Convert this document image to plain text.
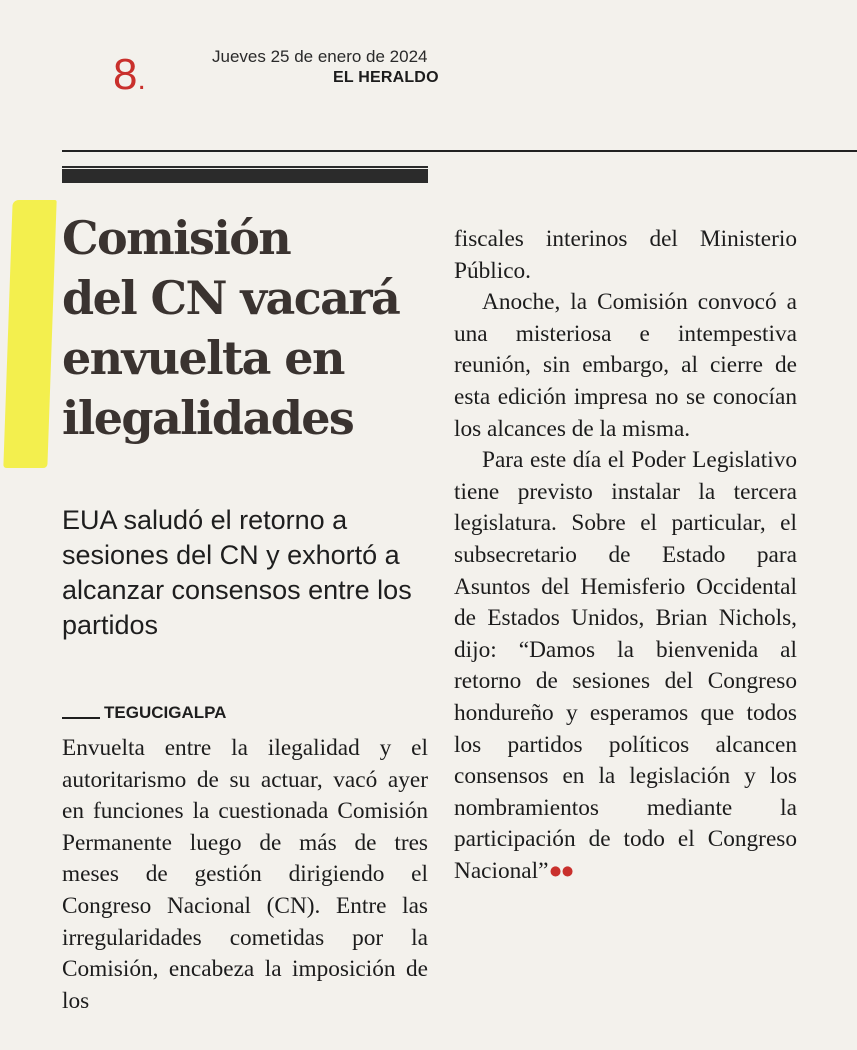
8.
Jueves 25 de enero de 2024
EL HERALDO
Comisión
del CN vacará
envuelta en
ilegalidades

EUA saludó el retorno a sesiones del CN y exhortó a alcanzar consensos entre los partidos

TEGUCIGALPA

Envuelta entre la ilegalidad y el autoritarismo de su actuar, vacó ayer en funciones la cuestionada Comisión Permanente luego de más de tres meses de gestión dirigiendo el Congreso Nacional (CN). Entre las irregularidades cometidas por la Comisión, encabeza la imposición de los

fiscales interinos del Ministerio Público.

Anoche, la Comisión convocó a una misteriosa e intempestiva reunión, sin embargo, al cierre de esta edición impresa no se conocían los alcances de la misma.

Para este día el Poder Legislativo tiene previsto instalar la tercera legislatura. Sobre el particular, el subsecretario de Estado para Asuntos del Hemisferio Occidental de Estados Unidos, Brian Nichols, dijo: “Damos la bienvenida al retorno de sesiones del Congreso hondureño y esperamos que todos los partidos políticos alcancen consensos en la legislación y los nombramientos mediante la participación de todo el Congreso Nacional”●●
